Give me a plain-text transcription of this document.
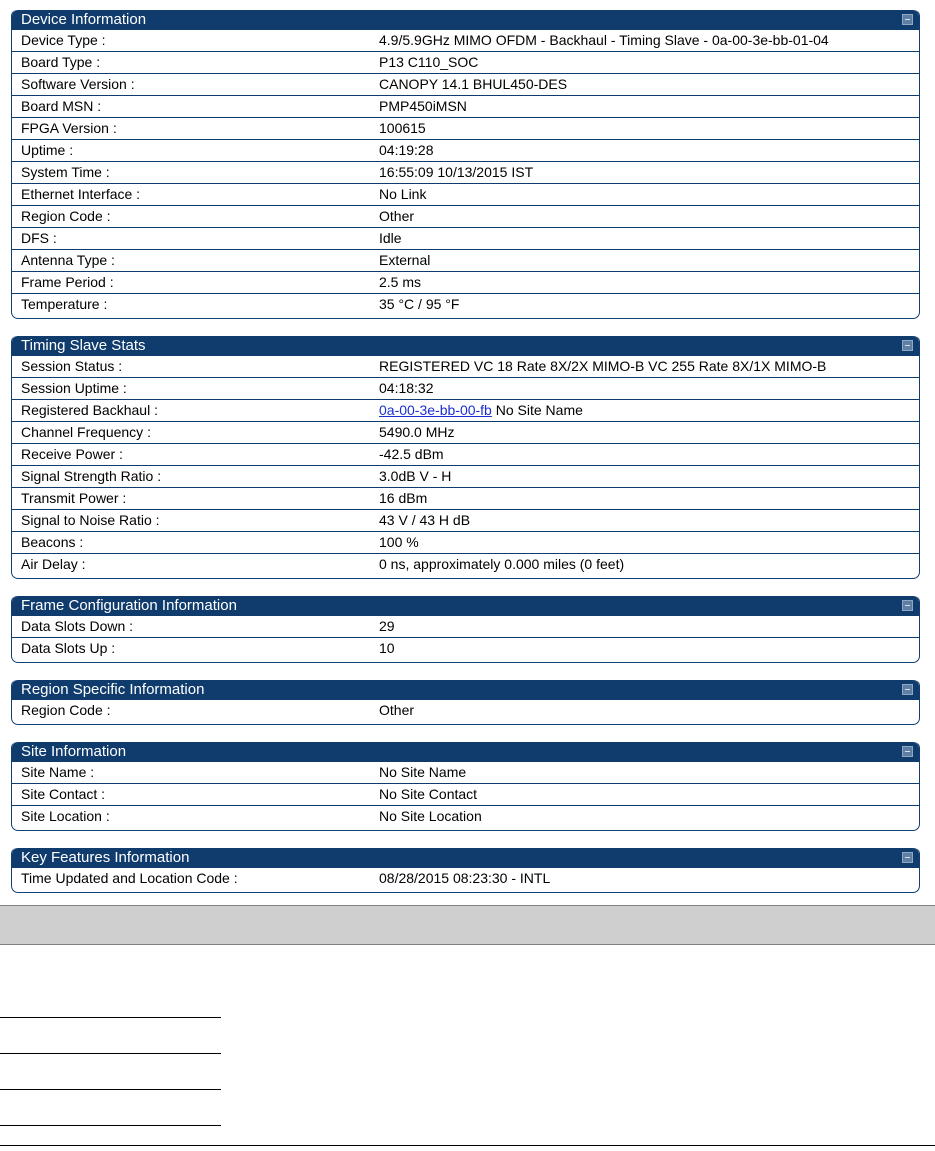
Device Information
Device Type :	4.9/5.9GHz MIMO OFDM - Backhaul - Timing Slave - 0a-00-3e-bb-01-04
Board Type :	P13 C110_SOC
Software Version :	CANOPY 14.1 BHUL450-DES
Board MSN :	PMP450iMSN
FPGA Version :	100615
Uptime :	04:19:28
System Time :	16:55:09 10/13/2015 IST
Ethernet Interface :	No Link
Region Code :	Other
DFS :	Idle
Antenna Type :	External
Frame Period :	2.5 ms
Temperature :	35 °C / 95 °F
Timing Slave Stats
Session Status :	REGISTERED VC 18 Rate 8X/2X MIMO-B VC 255 Rate 8X/1X MIMO-B
Session Uptime :	04:18:32
Registered Backhaul :	0a-00-3e-bb-00-fb No Site Name
Channel Frequency :	5490.0 MHz
Receive Power :	-42.5 dBm
Signal Strength Ratio :	3.0dB V - H
Transmit Power :	16 dBm
Signal to Noise Ratio :	43 V / 43 H dB
Beacons :	100 %
Air Delay :	0 ns, approximately 0.000 miles (0 feet)
Frame Configuration Information
Data Slots Down :	29
Data Slots Up :	10
Region Specific Information
Region Code :	Other
Site Information
Site Name :	No Site Name
Site Contact :	No Site Contact
Site Location :	No Site Location
Key Features Information
Time Updated and Location Code :	08/28/2015 08:23:30 - INTL
